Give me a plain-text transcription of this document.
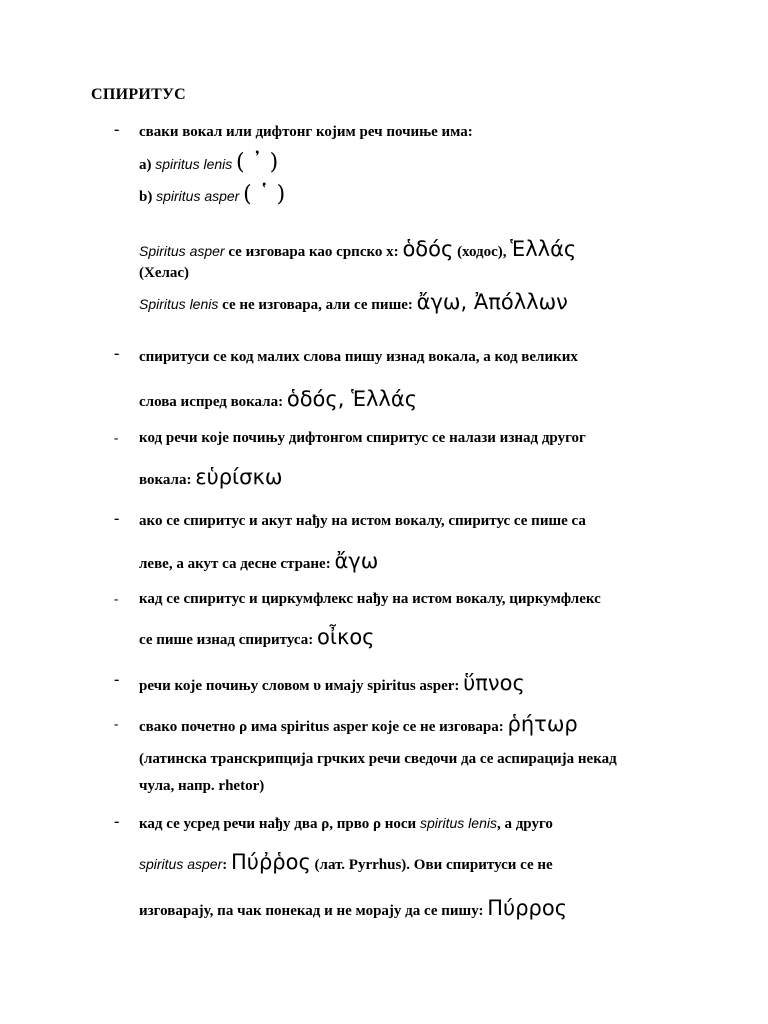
СПИРИТУС
- сваки вокал или дифтонг којим реч почиње има:
a) spiritus lenis ( ᾿ )
b) spiritus asper ( ῾ )
Spiritus asper се изговара као српско х: ὁδός (ходос), Ἑλλάς
(Хелас)
Spiritus lenis се не изговара, али се пише: ἄγω, Ἀπόλλων
- спиритуси се код малих слова пишу изнад вокала, а код великих
слова испред вокала: ὁδός, Ἑλλάς
- код речи које почињу дифтонгом спиритус се налази изнад другог
вокала: εὑρίσκω
- ако се спиритус и акут нађу на истом вокалу, спиритус се пише са
леве, а акут са десне стране: ἄγω
- кад се спиритус и циркумфлекс нађу на истом вокалу, циркумфлекс
се пише изнад спиритуса: οἶκος
- речи које почињу словом υ имају spiritus asper: ὕπνος
- свако почетно ρ има spiritus asper које се не изговара: ῥήτωρ
(латинска транскрипција грчких речи сведочи да се аспирација некад
чула, напр. rhetor)
- кад се усред речи нађу два ρ, прво ρ носи spiritus lenis, а друго
spiritus asper: Πύῤῥος (лат. Pyrrhus). Ови спиритуси се не
изговарају, па чак понекад и не морају да се пишу: Πύρρος
